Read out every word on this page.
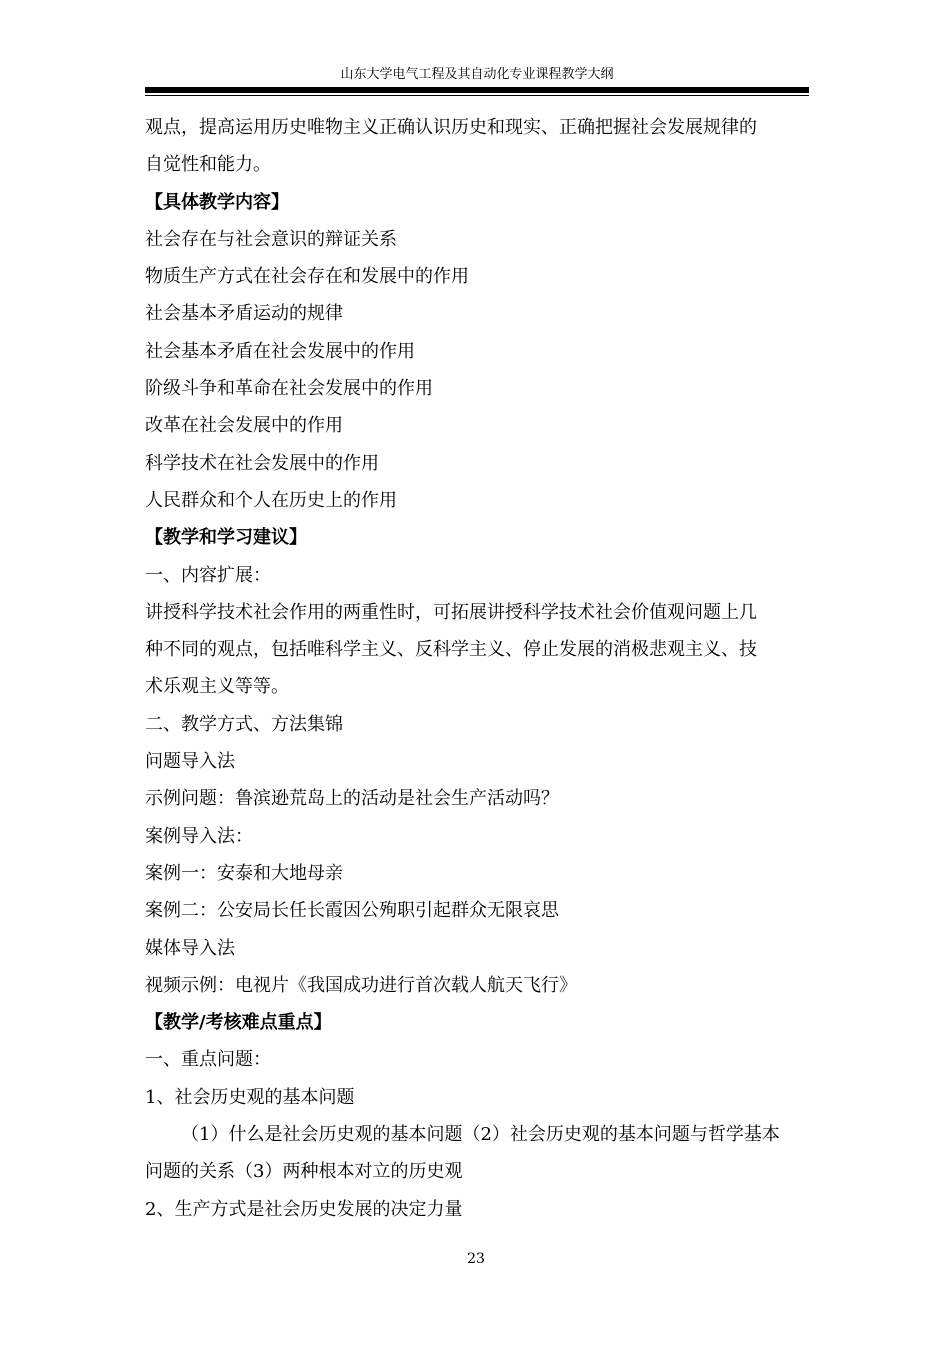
山东大学电气工程及其自动化专业课程教学大纲
观点，提高运用历史唯物主义正确认识历史和现实、正确把握社会发展规律的
自觉性和能力。
【具体教学内容】
社会存在与社会意识的辩证关系
物质生产方式在社会存在和发展中的作用
社会基本矛盾运动的规律
社会基本矛盾在社会发展中的作用
阶级斗争和革命在社会发展中的作用
改革在社会发展中的作用
科学技术在社会发展中的作用
人民群众和个人在历史上的作用
【教学和学习建议】
一、内容扩展：
讲授科学技术社会作用的两重性时，可拓展讲授科学技术社会价值观问题上几
种不同的观点，包括唯科学主义、反科学主义、停止发展的消极悲观主义、技
术乐观主义等等。
二、教学方式、方法集锦
问题导入法
示例问题：鲁滨逊荒岛上的活动是社会生产活动吗？
案例导入法：
案例一：安泰和大地母亲
案例二：公安局长任长霞因公殉职引起群众无限哀思
媒体导入法
视频示例：电视片《我国成功进行首次载人航天飞行》
【教学/考核难点重点】
一、重点问题：
1、社会历史观的基本问题
（1）什么是社会历史观的基本问题（2）社会历史观的基本问题与哲学基本
问题的关系（3）两种根本对立的历史观
2、生产方式是社会历史发展的决定力量
23
